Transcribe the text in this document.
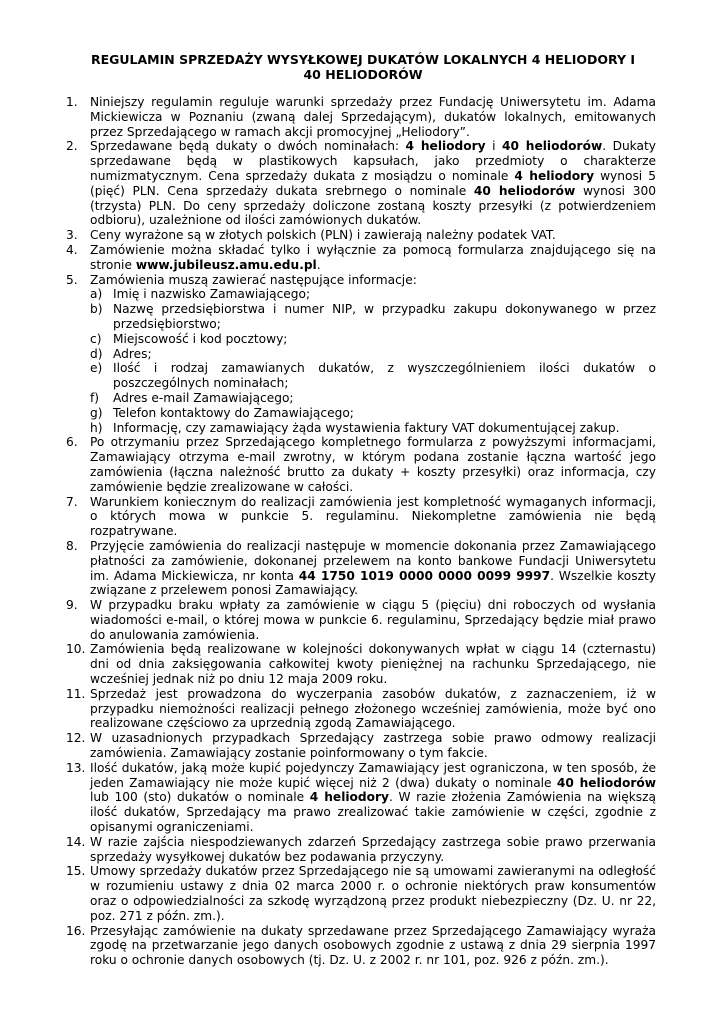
REGULAMIN SPRZEDAŻY WYSYŁKOWEJ DUKATÓW LOKALNYCH 4 HELIODORY I 40 HELIODORÓW
1. Niniejszy regulamin reguluje warunki sprzedaży przez Fundację Uniwersytetu im. Adama Mickiewicza w Poznaniu (zwaną dalej Sprzedającym), dukatów lokalnych, emitowanych przez Sprzedającego w ramach akcji promocyjnej „Heliodory”.
2. Sprzedawane będą dukaty o dwóch nominałach: 4 heliodory i 40 heliodorów. Dukaty sprzedawane będą w plastikowych kapsułach, jako przedmioty o charakterze numizmatycznym. Cena sprzedaży dukata z mosiądzu o nominale 4 heliodory wynosi 5 (pięć) PLN. Cena sprzedaży dukata srebrnego o nominale 40 heliodorów wynosi 300 (trzysta) PLN. Do ceny sprzedaży doliczone zostaną koszty przesyłki (z potwierdzeniem odbioru), uzależnione od ilości zamówionych dukatów.
3. Ceny wyrażone są w złotych polskich (PLN) i zawierają należny podatek VAT.
4. Zamówienie można składać tylko i wyłącznie za pomocą formularza znajdującego się na stronie www.jubileusz.amu.edu.pl.
5. Zamówienia muszą zawierać następujące informacje:
a) Imię i nazwisko Zamawiającego;
b) Nazwę przedsiębiorstwa i numer NIP, w przypadku zakupu dokonywanego w przez przedsiębiorstwo;
c) Miejscowość i kod pocztowy;
d) Adres;
e) Ilość i rodzaj zamawianych dukatów, z wyszczególnieniem ilości dukatów o poszczególnych nominałach;
f) Adres e-mail Zamawiającego;
g) Telefon kontaktowy do Zamawiającego;
h) Informację, czy zamawiający żąda wystawienia faktury VAT dokumentującej zakup.
6. Po otrzymaniu przez Sprzedającego kompletnego formularza z powyższymi informacjami, Zamawiający otrzyma e-mail zwrotny, w którym podana zostanie łączna wartość jego zamówienia (łączna należność brutto za dukaty + koszty przesyłki) oraz informacja, czy zamówienie będzie zrealizowane w całości.
7. Warunkiem koniecznym do realizacji zamówienia jest kompletność wymaganych informacji, o których mowa w punkcie 5. regulaminu. Niekompletne zamówienia nie będą rozpatrywane.
8. Przyjęcie zamówienia do realizacji następuje w momencie dokonania przez Zamawiającego płatności za zamówienie, dokonanej przelewem na konto bankowe Fundacji Uniwersytetu im. Adama Mickiewicza, nr konta 44 1750 1019 0000 0000 0099 9997. Wszelkie koszty związane z przelewem ponosi Zamawiający.
9. W przypadku braku wpłaty za zamówienie w ciągu 5 (pięciu) dni roboczych od wysłania wiadomości e-mail, o której mowa w punkcie 6. regulaminu, Sprzedający będzie miał prawo do anulowania zamówienia.
10. Zamówienia będą realizowane w kolejności dokonywanych wpłat w ciągu 14 (czternastu) dni od dnia zaksięgowania całkowitej kwoty pieniężnej na rachunku Sprzedającego, nie wcześniej jednak niż po dniu 12 maja 2009 roku.
11. Sprzedaż jest prowadzona do wyczerpania zasobów dukatów, z zaznaczeniem, iż w przypadku niemożności realizacji pełnego złożonego wcześniej zamówienia, może być ono realizowane częściowo za uprzednią zgodą Zamawiającego.
12. W uzasadnionych przypadkach Sprzedający zastrzega sobie prawo odmowy realizacji zamówienia. Zamawiający zostanie poinformowany o tym fakcie.
13. Ilość dukatów, jaką może kupić pojedynczy Zamawiający jest ograniczona, w ten sposób, że jeden Zamawiający nie może kupić więcej niż 2 (dwa) dukaty o nominale 40 heliodorów lub 100 (sto) dukatów o nominale 4 heliodory. W razie złożenia Zamówienia na większą ilość dukatów, Sprzedający ma prawo zrealizować takie zamówienie w części, zgodnie z opisanymi ograniczeniami.
14. W razie zajścia niespodziewanych zdarzeń Sprzedający zastrzega sobie prawo przerwania sprzedaży wysyłkowej dukatów bez podawania przyczyny.
15. Umowy sprzedaży dukatów przez Sprzedającego nie są umowami zawieranymi na odległość w rozumieniu ustawy z dnia 02 marca 2000 r. o ochronie niektórych praw konsumentów oraz o odpowiedzialności za szkodę wyrządzoną przez produkt niebezpieczny (Dz. U. nr 22, poz. 271 z późn. zm.).
16. Przesyłając zamówienie na dukaty sprzedawane przez Sprzedającego Zamawiający wyraża zgodę na przetwarzanie jego danych osobowych zgodnie z ustawą z dnia 29 sierpnia 1997 roku o ochronie danych osobowych (tj. Dz. U. z 2002 r. nr 101, poz. 926 z późn. zm.).
